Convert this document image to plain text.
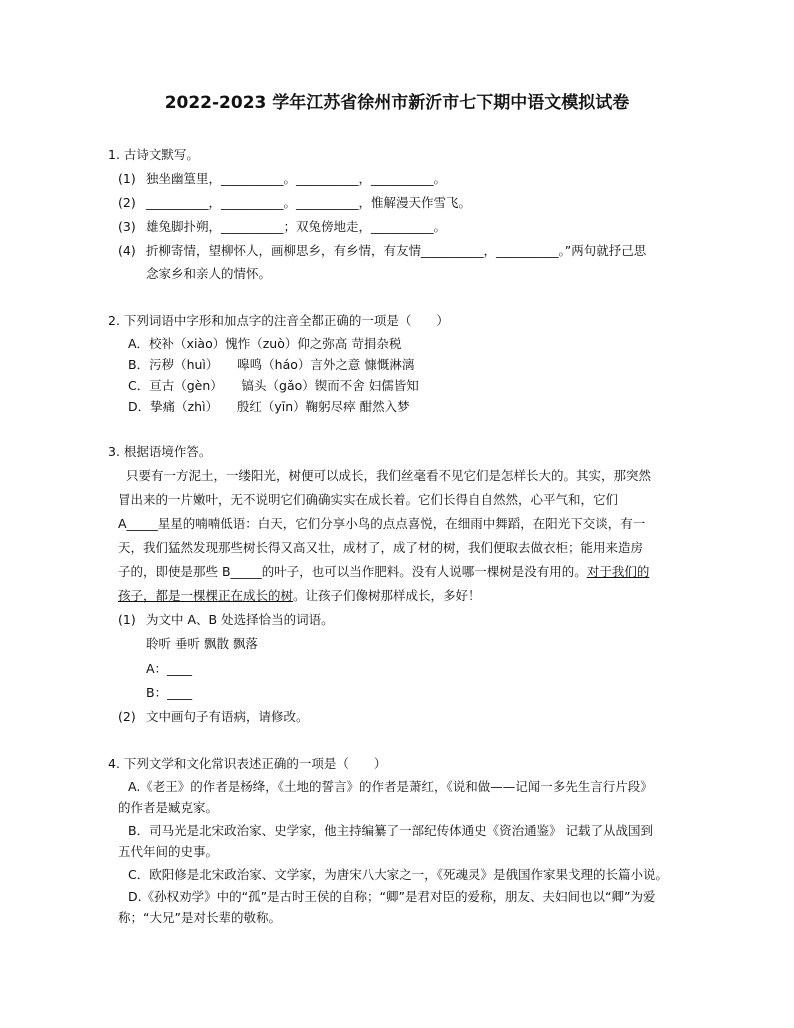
2022-2023 学年江苏省徐州市新沂市七下期中语文模拟试卷
1. 古诗文默写。
(1) 独坐幽篁里，__________。__________，__________。
(2) __________，__________。__________，惟解漫天作雪飞。
(3) 雄兔脚扑朔，__________；双兔傍地走，__________。
(4) 折柳寄情，望柳怀人，画柳思乡，有乡情，有友情__________，__________。”两句就抒己思
念家乡和亲人的情怀。
2. 下列词语中字形和加点字的注音全都正确的一项是（　　）
A．校补（xiào）愧怍（zuò）仰之弥高 苛捐杂税
B．污秽（huì）　　嗥鸣（háo）言外之意 慷慨淋漓
C．亘古（gèn）　　镐头（gǎo）锲而不舍 妇儒皆知
D．挚痛（zhì）　　殷红（yīn）鞠躬尽瘁 酣然入梦
3. 根据语境作答。
只要有一方泥土，一缕阳光，树便可以成长，我们丝毫看不见它们是怎样长大的。其实，那突然
冒出来的一片嫩叶，无不说明它们确确实实在成长着。它们长得自自然然，心平气和，它们
A_____星星的喃喃低语：白天，它们分享小鸟的点点喜悦，在细雨中舞蹈，在阳光下交谈，有一
天，我们猛然发现那些树长得又高又壮，成材了，成了材的树，我们便取去做衣柜；能用来造房
子的，即使是那些 B_____的叶子，也可以当作肥料。没有人说哪一棵树是没有用的。对于我们的
孩子，都是一棵棵正在成长的树。让孩子们像树那样成长，多好！
(1) 为文中 A、B 处选择恰当的词语。
聆听 垂听 飘散 飘落
A：____
B：____
(2) 文中画句子有语病，请修改。
4. 下列文学和文化常识表述正确的一项是（　　）
A.《老王》的作者是杨绛，《土地的誓言》的作者是萧红，《说和做——记闻一多先生言行片段》
的作者是臧克家。
B．司马光是北宋政治家、史学家，他主持编纂了一部纪传体通史《资治通鉴》 记载了从战国到
五代年间的史事。
C．欧阳修是北宋政治家、文学家，为唐宋八大家之一，《死魂灵》是俄国作家果戈理的长篇小说。
D.《孙权劝学》中的“孤”是古时王侯的自称；“卿”是君对臣的爱称，朋友、夫妇间也以“卿”为爱
称；“大兄”是对长辈的敬称。
